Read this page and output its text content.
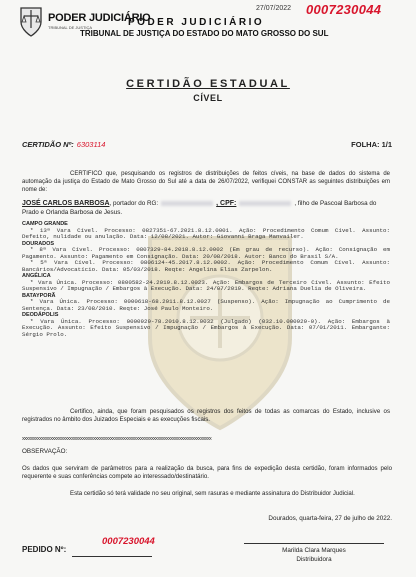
27/07/2022 0007230044
PODER JUDICIÁRIO
TRIBUNAL DE JUSTIÇA	PODER JUDICIÁRIO
TRIBUNAL DE JUSTIÇA DO ESTADO DO MATO GROSSO DO SUL
CERTIDÃO ESTADUAL
CÍVEL
CERTIDÃO Nº: 6303114	FOLHA: 1/1
CERTIFICO que, pesquisando os registros de distribuições de feitos cíveis, na base de dados do sistema de automação da justiça do Estado de Mato Grosso do Sul até a data de 26/07/2022, verifiquei CONSTAR as seguintes distribuições em nome de:
JOSÉ CARLOS BARBOSA, portador do RG:	, CPF:	, filho de Pascoal Barbosa do Prado e Orlanda Barbosa de Jesus.
CAMPO GRANDE
* 13ª Vara Cível. Processo: 0827351-67.2021.8.12.0001. Ação: Procedimento Comum Cível. Assunto: Defeito, nulidade ou anulação. Data: 12/08/2021. Autor: Giovanni Braga Manvailer.
DOURADOS
* 8ª Vara Cível. Processo: 0807329-84.2018.8.12.0002 (Em grau de recurso). Ação: Consignação em Pagamento. Assunto: Pagamento em Consignação. Data: 20/08/2018. Autor: Banco do Brasil S/A.
* 5ª Vara Cível. Processo: 0806124-45.2017.8.12.0002. Ação: Procedimento Comum Cível. Assunto: Bancários/Advocatício. Data: 05/03/2018. Reqte: Angelina Elias Zarpelon.
ANGÉLICA
* Vara Única. Processo: 0800582-24.2019.8.12.0023. Ação: Embargos de Terceiro Cível. Assunto: Efeito Suspensivo / Impugnação / Embargos à Execução. Data: 24/07/2019. Reqte: Adriana Duelia de Oliveira.
BATAYPORÃ
* Vara Única. Processo: 0000618-68.2011.8.12.0027 (Suspenso). Ação: Impugnação ao Cumprimento de Sentença. Data: 23/08/2010. Reqte: José Paulo Monteiro.
DEODÁPOLIS
* Vara Única. Processo: 0000929-78.2010.8.12.0032 (Julgado) (032.10.000929-0). Ação: Embargos à Execução. Assunto: Efeito Suspensivo / Impugnação / Embargos à Execução. Data: 07/01/2011. Embargante: Sérgio Prolo.
Certifico, ainda, que foram pesquisados os registros dos feitos de todas as comarcas do Estado, inclusive os registrados no âmbito dos Juizados Especiais e as execuções fiscais.
xxxxxxxxxxxxxxxxxxxxxxxxxxxxxxxxxxxxxxxxxxxxxxxxxxxxxxxxxxxxxxxxxxxxxxxxxxxxxxxxxxxxxxxx
OBSERVAÇÃO:
Os dados que serviram de parâmetros para a realização da busca, para fins de expedição desta certidão, foram informados pelo requerente e suas conferências compete ao interessado/destinatário.
Esta certidão só terá validade no seu original, sem rasuras e mediante assinatura do Distribuidor Judicial.
Dourados, quarta-feira, 27 de julho de 2022.
PEDIDO Nº:
0007230044
Marilda Clara Marques
Distribuidora
